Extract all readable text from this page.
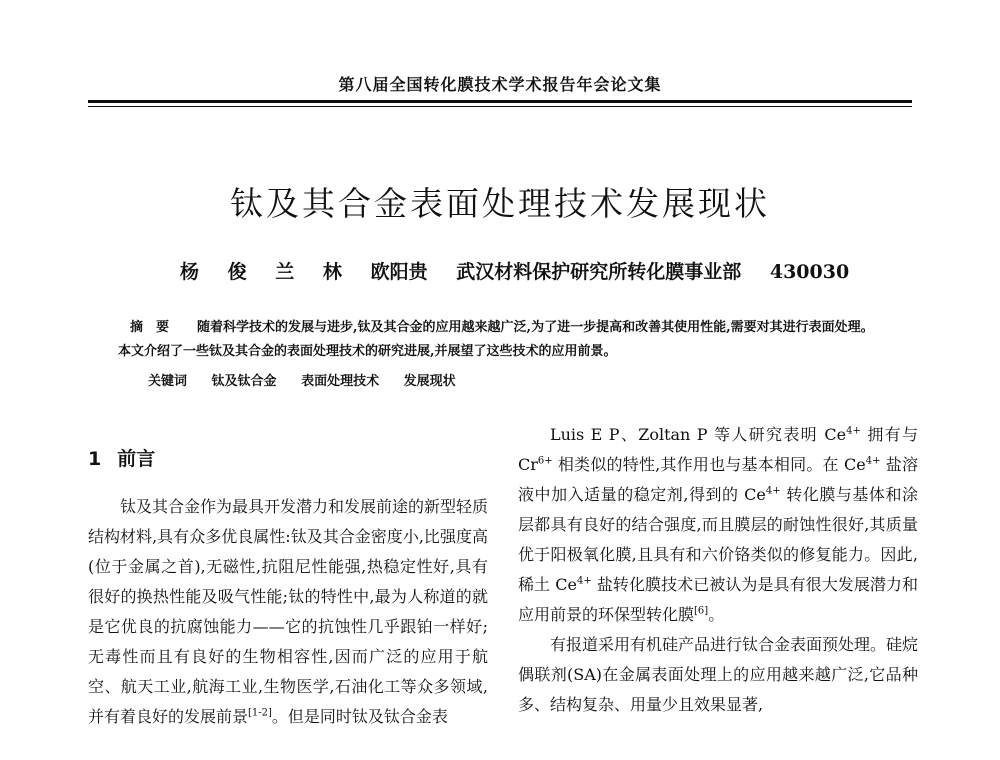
第八届全国转化膜技术学术报告年会论文集
钛及其合金表面处理技术发展现状
杨 俊 兰 林 欧阳贵 武汉材料保护研究所转化膜事业部 430030
摘　要 随着科学技术的发展与进步,钛及其合金的应用越来越广泛,为了进一步提高和改善其使用性能,需要对其进行表面处理。本文介绍了一些钛及其合金的表面处理技术的研究进展,并展望了这些技术的应用前景。
关键词 钛及钛合金 表面处理技术 发展现状
1 前言

钛及其合金作为最具开发潜力和发展前途的新型轻质结构材料,具有众多优良属性:钛及其合金密度小,比强度高(位于金属之首),无磁性,抗阻尼性能强,热稳定性好,具有很好的换热性能及吸气性能;钛的特性中,最为人称道的就是它优良的抗腐蚀能力——它的抗蚀性几乎跟铂一样好;无毒性而且有良好的生物相容性,因而广泛的应用于航空、航天工业,航海工业,生物医学,石油化工等众多领域,并有着良好的发展前景[1-2]。但是同时钛及钛合金表

Luis E P、Zoltan P 等人研究表明 $Ce^{4+}$ 拥有与 $Cr^{6+}$ 相类似的特性,其作用也与基本相同。在 $Ce^{4+}$ 盐溶液中加入适量的稳定剂,得到的 $Ce^{4+}$ 转化膜与基体和涂层都具有良好的结合强度,而且膜层的耐蚀性很好,其质量优于阳极氧化膜,且具有和六价铬类似的修复能力。因此,稀土 $Ce^{4+}$ 盐转化膜技术已被认为是具有很大发展潜力和应用前景的环保型转化膜[6]。

有报道采用有机硅产品进行钛合金表面预处理。硅烷偶联剂(SA)在金属表面处理上的应用越来越广泛,它品种多、结构复杂、用量少且效果显著,
